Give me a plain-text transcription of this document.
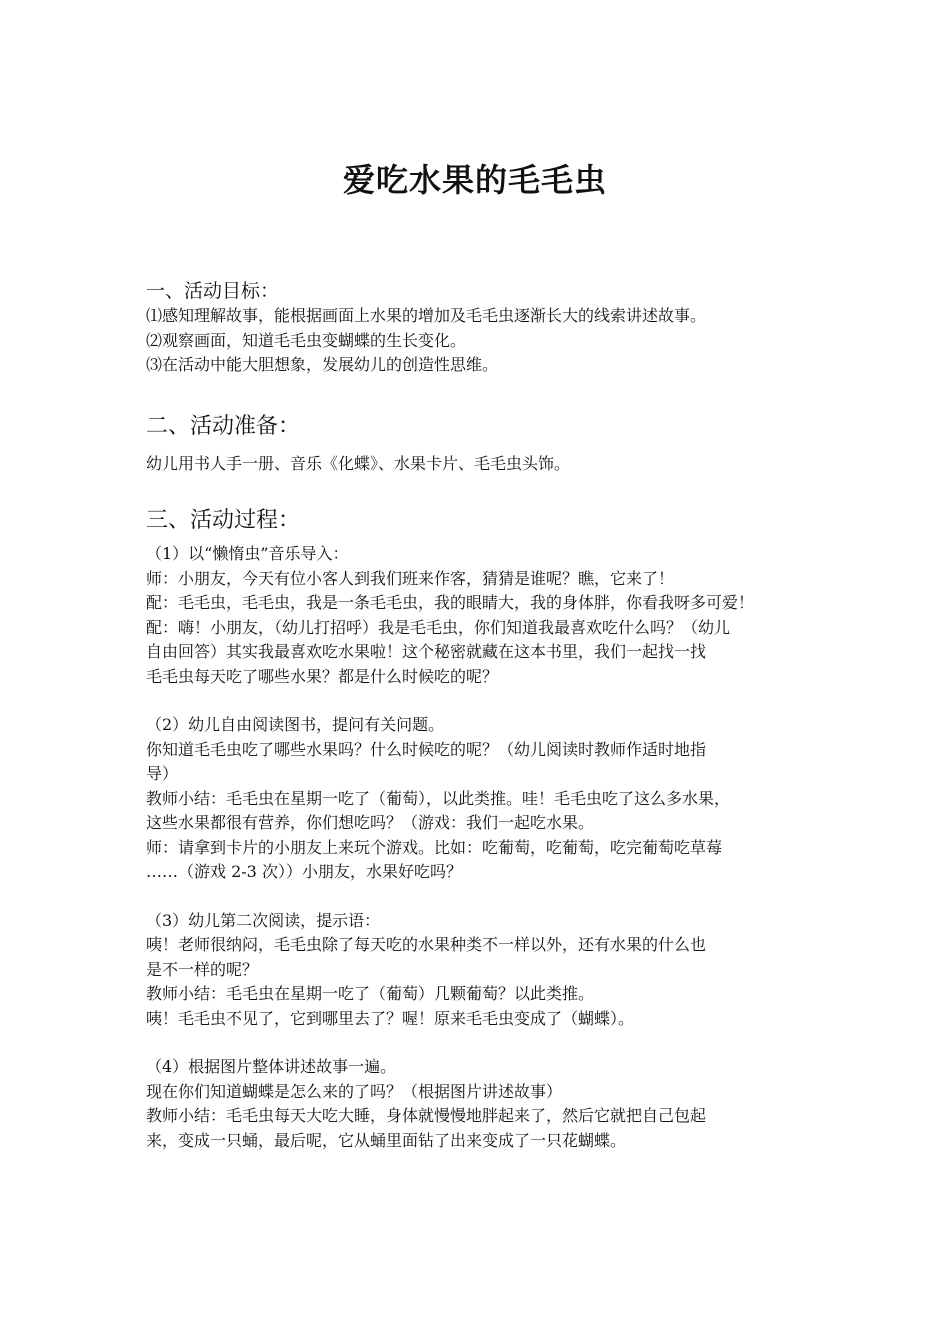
爱吃水果的毛毛虫

一、活动目标：

⑴感知理解故事，能根据画面上水果的增加及毛毛虫逐渐长大的线索讲述故事。

⑵观察画面，知道毛毛虫变蝴蝶的生长变化。

⑶在活动中能大胆想象，发展幼儿的创造性思维。

二、活动准备：

幼儿用书人手一册、音乐《化蝶》、水果卡片、毛毛虫头饰。

三、活动过程：

（1）以“懒惰虫”音乐导入：

师：小朋友，今天有位小客人到我们班来作客，猜猜是谁呢？瞧，它来了！

配：毛毛虫，毛毛虫，我是一条毛毛虫，我的眼睛大，我的身体胖，你看我呀多可爱！

配：嗨！小朋友，（幼儿打招呼）我是毛毛虫，你们知道我最喜欢吃什么吗？（幼儿

自由回答）其实我最喜欢吃水果啦！这个秘密就藏在这本书里，我们一起找一找

毛毛虫每天吃了哪些水果？都是什么时候吃的呢？

（2）幼儿自由阅读图书，提问有关问题。

你知道毛毛虫吃了哪些水果吗？什么时候吃的呢？（幼儿阅读时教师作适时地指

导）

教师小结：毛毛虫在星期一吃了（葡萄），以此类推。哇！毛毛虫吃了这么多水果，

这些水果都很有营养，你们想吃吗？（游戏：我们一起吃水果。

师：请拿到卡片的小朋友上来玩个游戏。比如：吃葡萄，吃葡萄，吃完葡萄吃草莓

……（游戏 2-3 次））小朋友，水果好吃吗？

（3）幼儿第二次阅读，提示语：

咦！老师很纳闷，毛毛虫除了每天吃的水果种类不一样以外，还有水果的什么也

是不一样的呢？

教师小结：毛毛虫在星期一吃了（葡萄）几颗葡萄？以此类推。

咦！毛毛虫不见了，它到哪里去了？喔！原来毛毛虫变成了（蝴蝶）。

（4）根据图片整体讲述故事一遍。

现在你们知道蝴蝶是怎么来的了吗？（根据图片讲述故事）

教师小结：毛毛虫每天大吃大睡，身体就慢慢地胖起来了，然后它就把自己包起

来，变成一只蛹，最后呢，它从蛹里面钻了出来变成了一只花蝴蝶。
